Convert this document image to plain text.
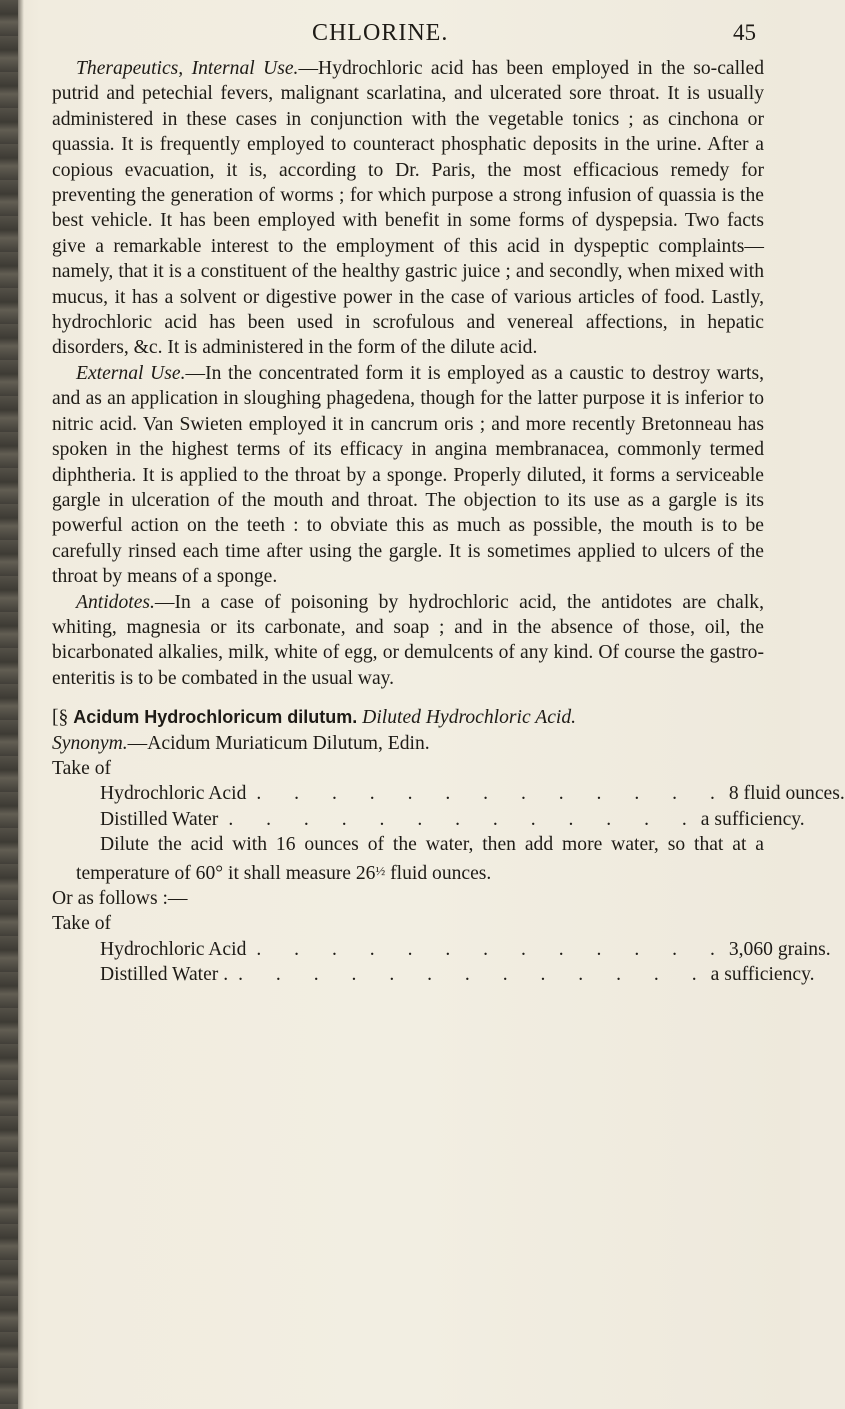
CHLORINE.	45

Therapeutics, Internal Use.—Hydrochloric acid has been employed in the so-called putrid and petechial fevers, malignant scarlatina, and ulcerated sore throat. It is usually administered in these cases in conjunction with the vegetable tonics ; as cinchona or quassia. It is frequently employed to counteract phosphatic deposits in the urine. After a copious evacuation, it is, according to Dr. Paris, the most efficacious remedy for preventing the generation of worms ; for which purpose a strong infusion of quassia is the best vehicle. It has been employed with benefit in some forms of dyspepsia. Two facts give a remarkable interest to the employment of this acid in dyspeptic complaints—namely, that it is a constituent of the healthy gastric juice ; and secondly, when mixed with mucus, it has a solvent or digestive power in the case of various articles of food. Lastly, hydrochloric acid has been used in scrofulous and venereal affections, in hepatic disorders, &c. It is administered in the form of the dilute acid.

External Use.—In the concentrated form it is employed as a caustic to destroy warts, and as an application in sloughing phagedena, though for the latter purpose it is inferior to nitric acid. Van Swieten employed it in cancrum oris ; and more recently Bretonneau has spoken in the highest terms of its efficacy in angina membranacea, commonly termed diphtheria. It is applied to the throat by a sponge. Properly diluted, it forms a serviceable gargle in ulceration of the mouth and throat. The objection to its use as a gargle is its powerful action on the teeth : to obviate this as much as possible, the mouth is to be carefully rinsed each time after using the gargle. It is sometimes applied to ulcers of the throat by means of a sponge.

Antidotes.—In a case of poisoning by hydrochloric acid, the antidotes are chalk, whiting, magnesia or its carbonate, and soap ; and in the absence of those, oil, the bicarbonated alkalies, milk, white of egg, or demulcents of any kind. Of course the gastro-enteritis is to be combated in the usual way.

[§ Acidum Hydrochloricum dilutum. Diluted Hydrochloric Acid.

Synonym.—Acidum Muriaticum Dilutum, Edin.

Take of

Hydrochloric Acid . . . . . . . . . . . . . 8 fluid ounces.
Distilled Water . . . . . . . . . . . . . a sufficiency.

Dilute the acid with 16 ounces of the water, then add more water, so that at a temperature of 60° it shall measure $26^{\frac{1}{2}}$ fluid ounces.

Or as follows :—

Take of

Hydrochloric Acid . . . . . . . . . . . . . 3,060 grains.
Distilled Water . . . . . . . . . . . . . . a sufficiency.
